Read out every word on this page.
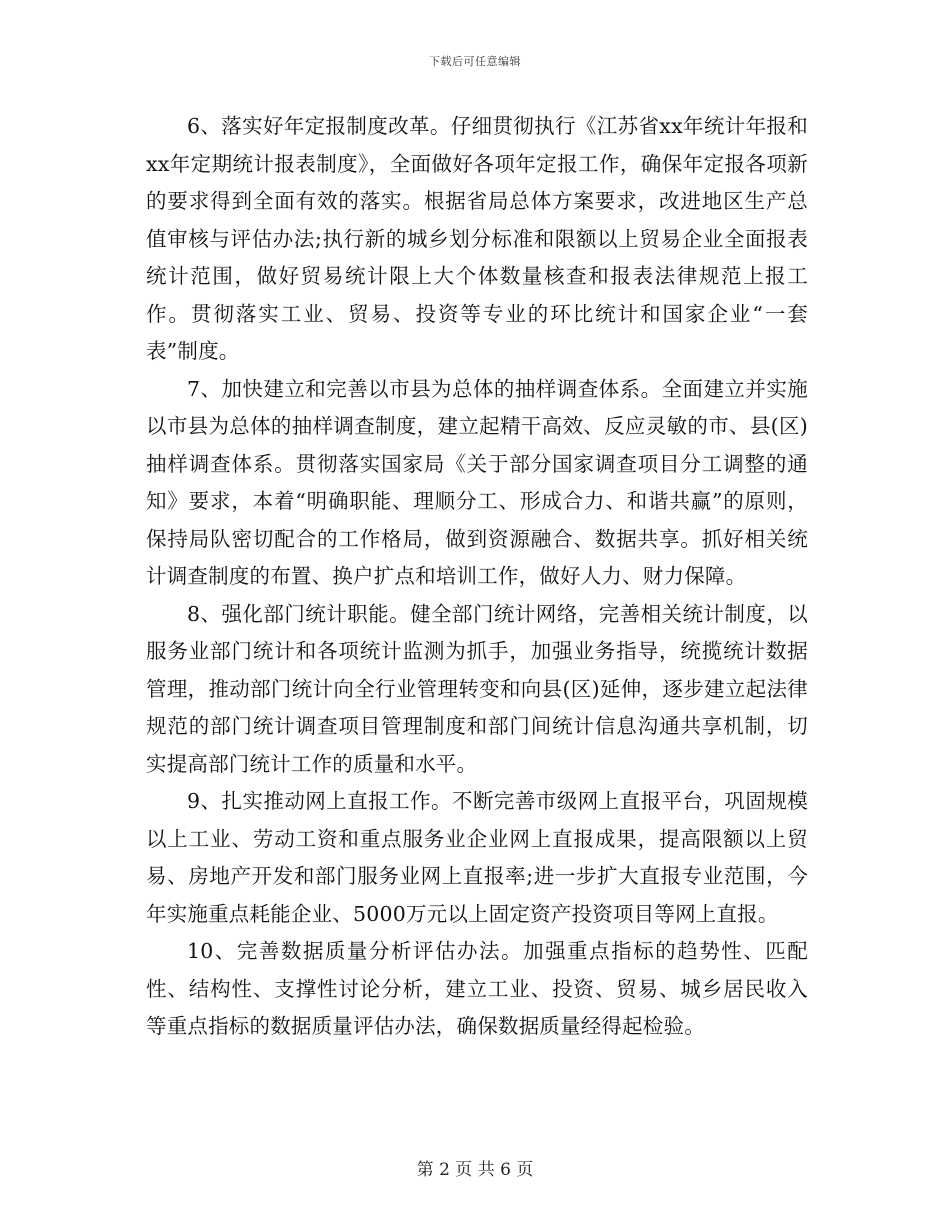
下载后可任意编辑

6、落实好年定报制度改革。仔细贯彻执行《江苏省xx年统计年报和xx年定期统计报表制度》，全面做好各项年定报工作，确保年定报各项新的要求得到全面有效的落实。根据省局总体方案要求，改进地区生产总值审核与评估办法;执行新的城乡划分标准和限额以上贸易企业全面报表统计范围，做好贸易统计限上大个体数量核查和报表法律规范上报工作。贯彻落实工业、贸易、投资等专业的环比统计和国家企业“一套表”制度。

7、加快建立和完善以市县为总体的抽样调查体系。全面建立并实施以市县为总体的抽样调查制度，建立起精干高效、反应灵敏的市、县(区)抽样调查体系。贯彻落实国家局《关于部分国家调查项目分工调整的通知》要求，本着“明确职能、理顺分工、形成合力、和谐共赢”的原则，保持局队密切配合的工作格局，做到资源融合、数据共享。抓好相关统计调查制度的布置、换户扩点和培训工作，做好人力、财力保障。

8、强化部门统计职能。健全部门统计网络，完善相关统计制度，以服务业部门统计和各项统计监测为抓手，加强业务指导，统揽统计数据管理，推动部门统计向全行业管理转变和向县(区)延伸，逐步建立起法律规范的部门统计调查项目管理制度和部门间统计信息沟通共享机制，切实提高部门统计工作的质量和水平。

9、扎实推动网上直报工作。不断完善市级网上直报平台，巩固规模以上工业、劳动工资和重点服务业企业网上直报成果，提高限额以上贸易、房地产开发和部门服务业网上直报率;进一步扩大直报专业范围，今年实施重点耗能企业、5000万元以上固定资产投资项目等网上直报。

10、完善数据质量分析评估办法。加强重点指标的趋势性、匹配性、结构性、支撑性讨论分析，建立工业、投资、贸易、城乡居民收入等重点指标的数据质量评估办法，确保数据质量经得起检验。

第 2 页 共 6 页
